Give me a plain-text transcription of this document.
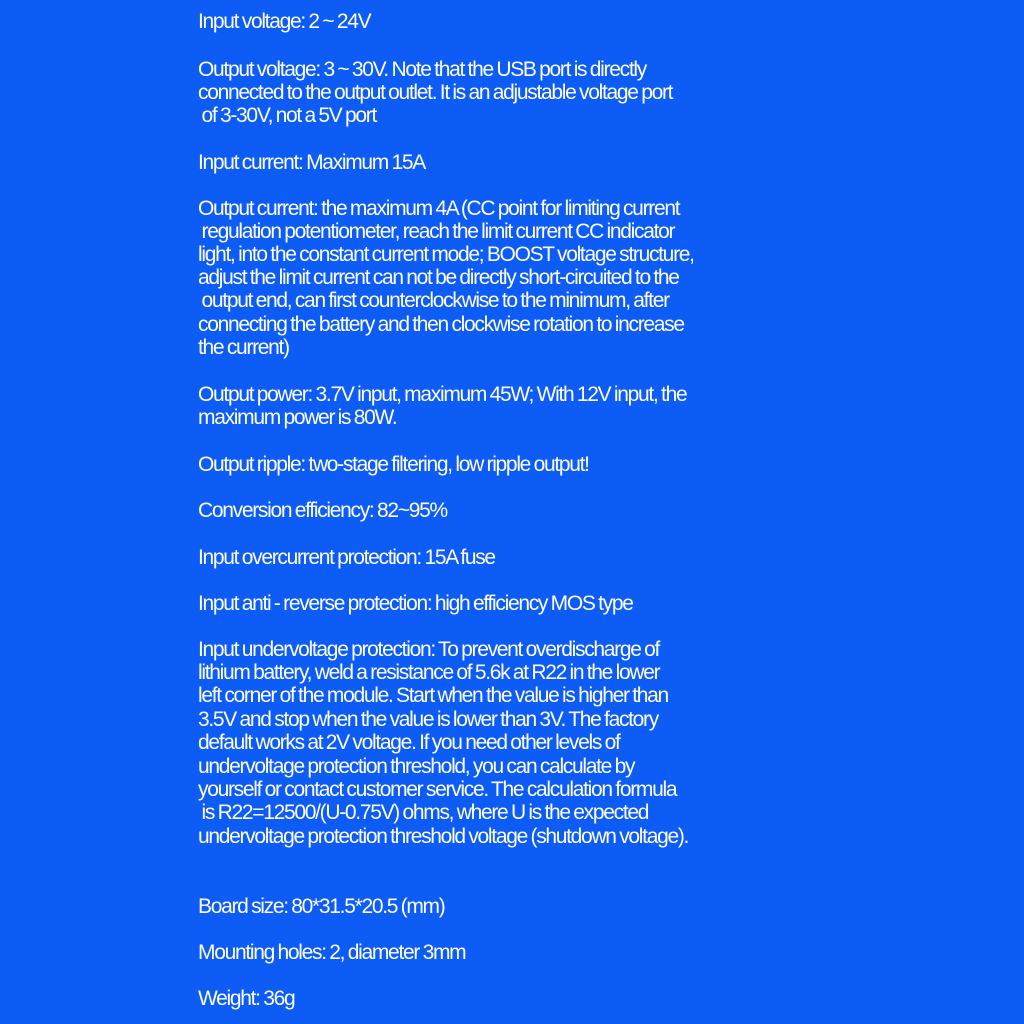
Input voltage: 2 ~ 24V
Output voltage: 3 ~ 30V. Note that the USB port is directly
connected to the output outlet. It is an adjustable voltage port
of 3-30V, not a 5V port
Input current: Maximum 15A
Output current: the maximum 4A (CC point for limiting current
regulation potentiometer, reach the limit current CC indicator
light, into the constant current mode; BOOST voltage structure,
adjust the limit current can not be directly short-circuited to the
output end, can first counterclockwise to the minimum, after
connecting the battery and then clockwise rotation to increase
the current)
Output power: 3.7V input, maximum 45W; With 12V input, the
maximum power is 80W.
Output ripple: two-stage filtering, low ripple output!
Conversion efficiency: 82~95%
Input overcurrent protection: 15A fuse
Input anti - reverse protection: high efficiency MOS type
Input undervoltage protection: To prevent overdischarge of
lithium battery, weld a resistance of 5.6k at R22 in the lower
left corner of the module. Start when the value is higher than
3.5V and stop when the value is lower than 3V. The factory
default works at 2V voltage. If you need other levels of
undervoltage protection threshold, you can calculate by
yourself or contact customer service. The calculation formula
is R22=12500/(U-0.75V) ohms, where U is the expected
undervoltage protection threshold voltage (shutdown voltage).
Board size: 80*31.5*20.5 (mm)
Mounting holes: 2, diameter 3mm
Weight: 36g
